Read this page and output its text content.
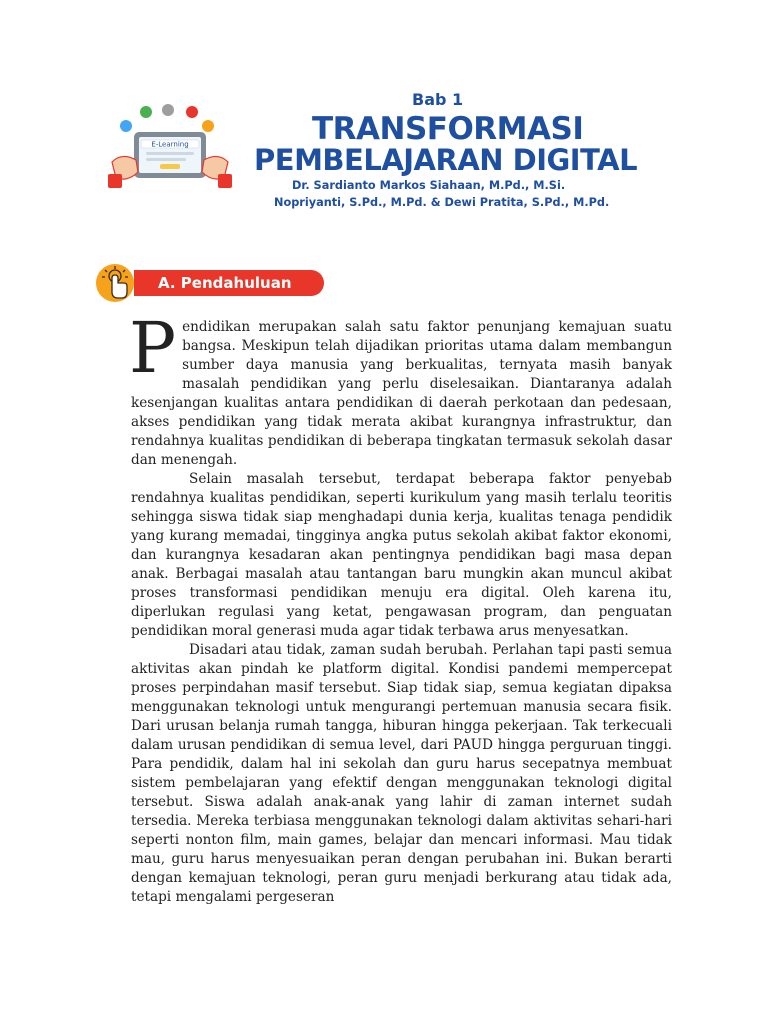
E-Learning
Bab 1
TRANSFORMASI
PEMBELAJARAN DIGITAL
Dr. Sardianto Markos Siahaan, M.Pd., M.Si.
Nopriyanti, S.Pd., M.Pd. & Dewi Pratita, S.Pd., M.Pd.
A. Pendahuluan

Pendidikan merupakan salah satu faktor penunjang kemajuan suatu bangsa. Meskipun telah dijadikan prioritas utama dalam membangun sumber daya manusia yang berkualitas, ternyata masih banyak masalah pendidikan yang perlu diselesaikan. Diantaranya adalah kesenjangan kualitas antara pendidikan di daerah perkotaan dan pedesaan, akses pendidikan yang tidak merata akibat kurangnya infrastruktur, dan rendahnya kualitas pendidikan di beberapa tingkatan termasuk sekolah dasar dan menengah.

Selain masalah tersebut, terdapat beberapa faktor penyebab rendahnya kualitas pendidikan, seperti kurikulum yang masih terlalu teoritis sehingga siswa tidak siap menghadapi dunia kerja, kualitas tenaga pendidik yang kurang memadai, tingginya angka putus sekolah akibat faktor ekonomi, dan kurangnya kesadaran akan pentingnya pendidikan bagi masa depan anak. Berbagai masalah atau tantangan baru mungkin akan muncul akibat proses transformasi pendidikan menuju era digital. Oleh karena itu, diperlukan regulasi yang ketat, pengawasan program, dan penguatan pendidikan moral generasi muda agar tidak terbawa arus menyesatkan.

Disadari atau tidak, zaman sudah berubah. Perlahan tapi pasti semua aktivitas akan pindah ke platform digital. Kondisi pandemi mempercepat proses perpindahan masif tersebut. Siap tidak siap, semua kegiatan dipaksa menggunakan teknologi untuk mengurangi pertemuan manusia secara fisik. Dari urusan belanja rumah tangga, hiburan hingga pekerjaan. Tak terkecuali dalam urusan pendidikan di semua level, dari PAUD hingga perguruan tinggi. Para pendidik, dalam hal ini sekolah dan guru harus secepatnya membuat sistem pembelajaran yang efektif dengan menggunakan teknologi digital tersebut. Siswa adalah anak-anak yang lahir di zaman internet sudah tersedia. Mereka terbiasa menggunakan teknologi dalam aktivitas sehari-hari seperti nonton film, main games, belajar dan mencari informasi. Mau tidak mau, guru harus menyesuaikan peran dengan perubahan ini. Bukan berarti dengan kemajuan teknologi, peran guru menjadi berkurang atau tidak ada, tetapi mengalami pergeseran
